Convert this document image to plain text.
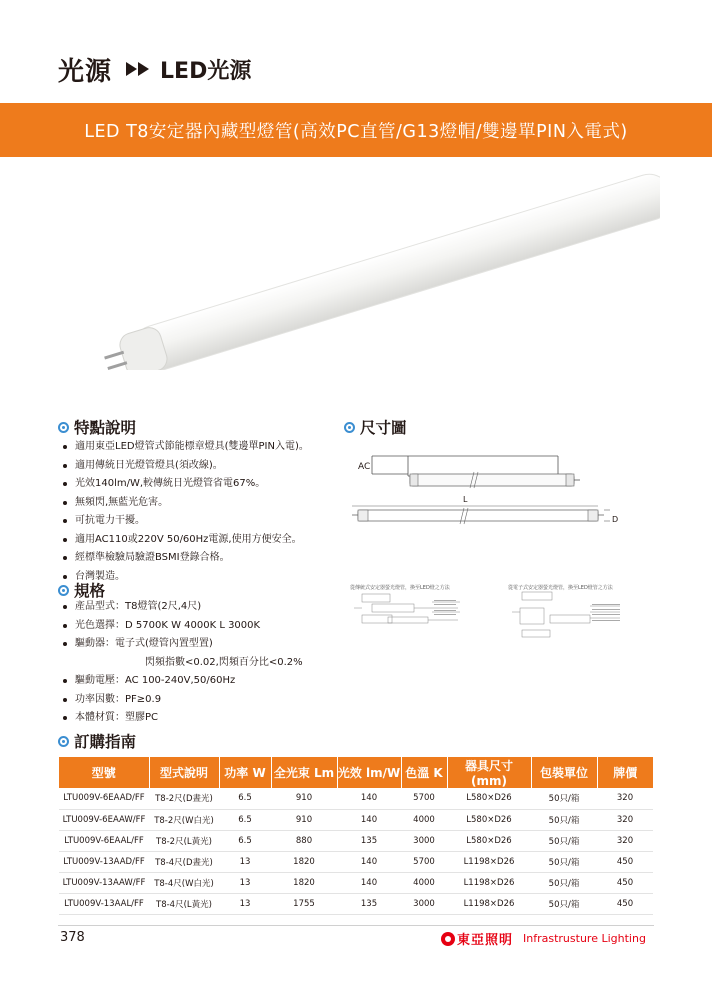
光源 LED光源
LED T8安定器內藏型燈管(高效PC直管/G13燈帽/雙邊單PIN入電式)
特點說明
適用東亞LED燈管式節能標章燈具(雙邊單PIN入電)。
適用傳統日光燈管燈具(須改線)。
光效140lm/W,較傳統日光燈管省電67%。
無頻閃,無藍光危害。
可抗電力干擾。
適用AC110或220V 50/60Hz電源,使用方便安全。
經標準檢驗局驗證BSMI登錄合格。
台灣製造。
尺寸圖
AC
L
D
從傳統式安定器螢光燈管，換至LED燈之方法	從電子式安定器螢光燈管，換至LED燈管之方法
規格
產品型式：T8燈管(2尺,4尺)
光色選擇：D 5700K W 4000K L 3000K
驅動器：電子式(燈管內置型置)
閃頻指數<0.02,閃頻百分比<0.2%
驅動電壓：AC 100-240V,50/60Hz
功率因數：PF≥0.9
本體材質：塑膠PC
訂購指南
型號	型式說明	功率 W	全光束 Lm	光效 lm/W	色溫 K	器具尺寸(mm)	包裝單位	牌價
LTU009V-6EAAD/FF	T8-2尺(D晝光)	6.5	910	140	5700	L580×D26	50只/箱	320
LTU009V-6EAAW/FF	T8-2尺(W白光)	6.5	910	140	4000	L580×D26	50只/箱	320
LTU009V-6EAAL/FF	T8-2尺(L黃光)	6.5	880	135	3000	L580×D26	50只/箱	320
LTU009V-13AAD/FF	T8-4尺(D晝光)	13	1820	140	5700	L1198×D26	50只/箱	450
LTU009V-13AAW/FF	T8-4尺(W白光)	13	1820	140	4000	L1198×D26	50只/箱	450
LTU009V-13AAL/FF	T8-4尺(L黃光)	13	1755	135	3000	L1198×D26	50只/箱	450
378	東亞照明 Infrastrusture Lighting
